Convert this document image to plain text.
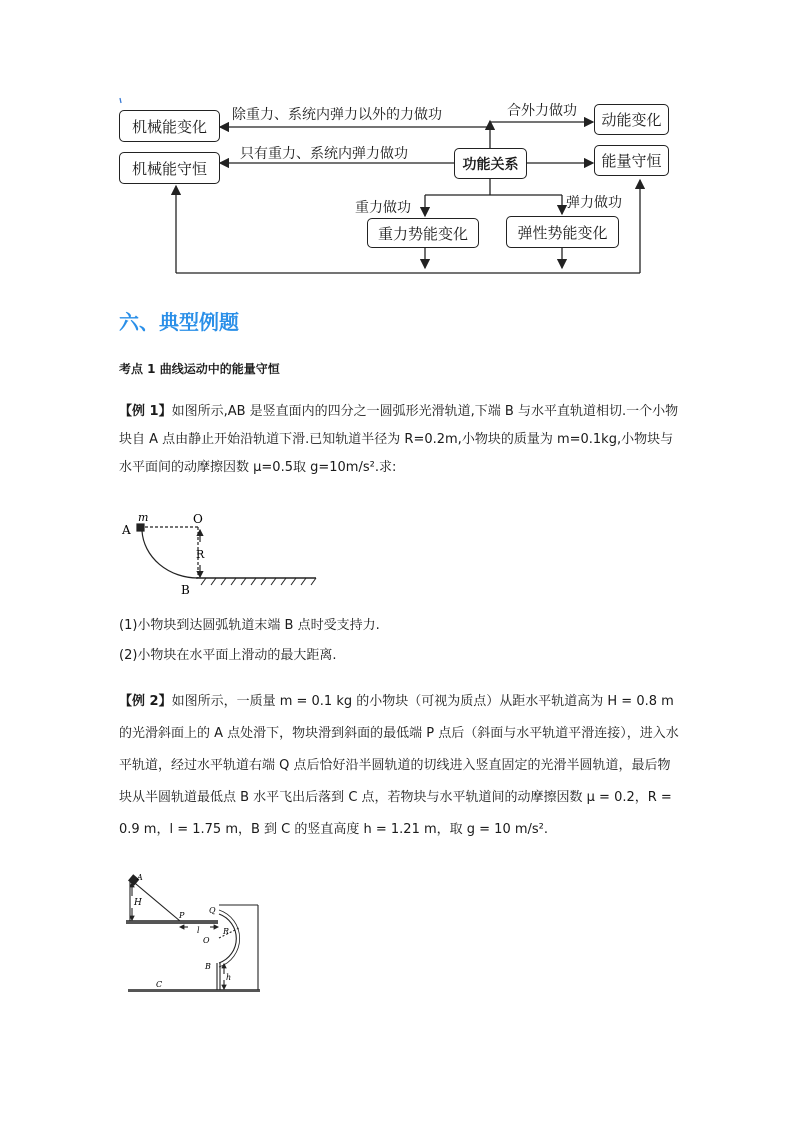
机械能变化
机械能守恒	功能关系
动能变化
能量守恒
重力势能变化	弹性势能变化
除重力、系统内弹力以外的力做功	合外力做功
只有重力、系统内弹力做功
重力做功	弹力做功
六、典型例题
考点 1 曲线运动中的能量守恒
【例 1】如图所示,AB 是竖直面内的四分之一圆弧形光滑轨道,下端 B 与水平直轨道相切.一个小物块自 A 点由静止开始沿轨道下滑.已知轨道半径为 R=0.2m,小物块的质量为 m=0.1kg,小物块与水平面间的动摩擦因数 μ=0.5取 g=10m/s².求:
A
m	O
R
B
(1)小物块到达圆弧轨道末端 B 点时受支持力.
(2)小物块在水平面上滑动的最大距离.
【例 2】如图所示，一质量 m = 0.1 kg 的小物块（可视为质点）从距水平轨道高为 H = 0.8 m 的光滑斜面上的 A 点处滑下，物块滑到斜面的最低端 P 点后（斜面与水平轨道平滑连接），进入水平轨道，经过水平轨道右端 Q 点后恰好沿半圆轨道的切线进入竖直固定的光滑半圆轨道，最后物块从半圆轨道最低点 B 水平飞出后落到 C 点，若物块与水平轨道间的动摩擦因数 μ = 0.2，R = 0.9 m，l = 1.75 m，B 到 C 的竖直高度 h = 1.21 m，取 g = 10 m/s².
A
H
P
l
Q
O
R
B
h
C
